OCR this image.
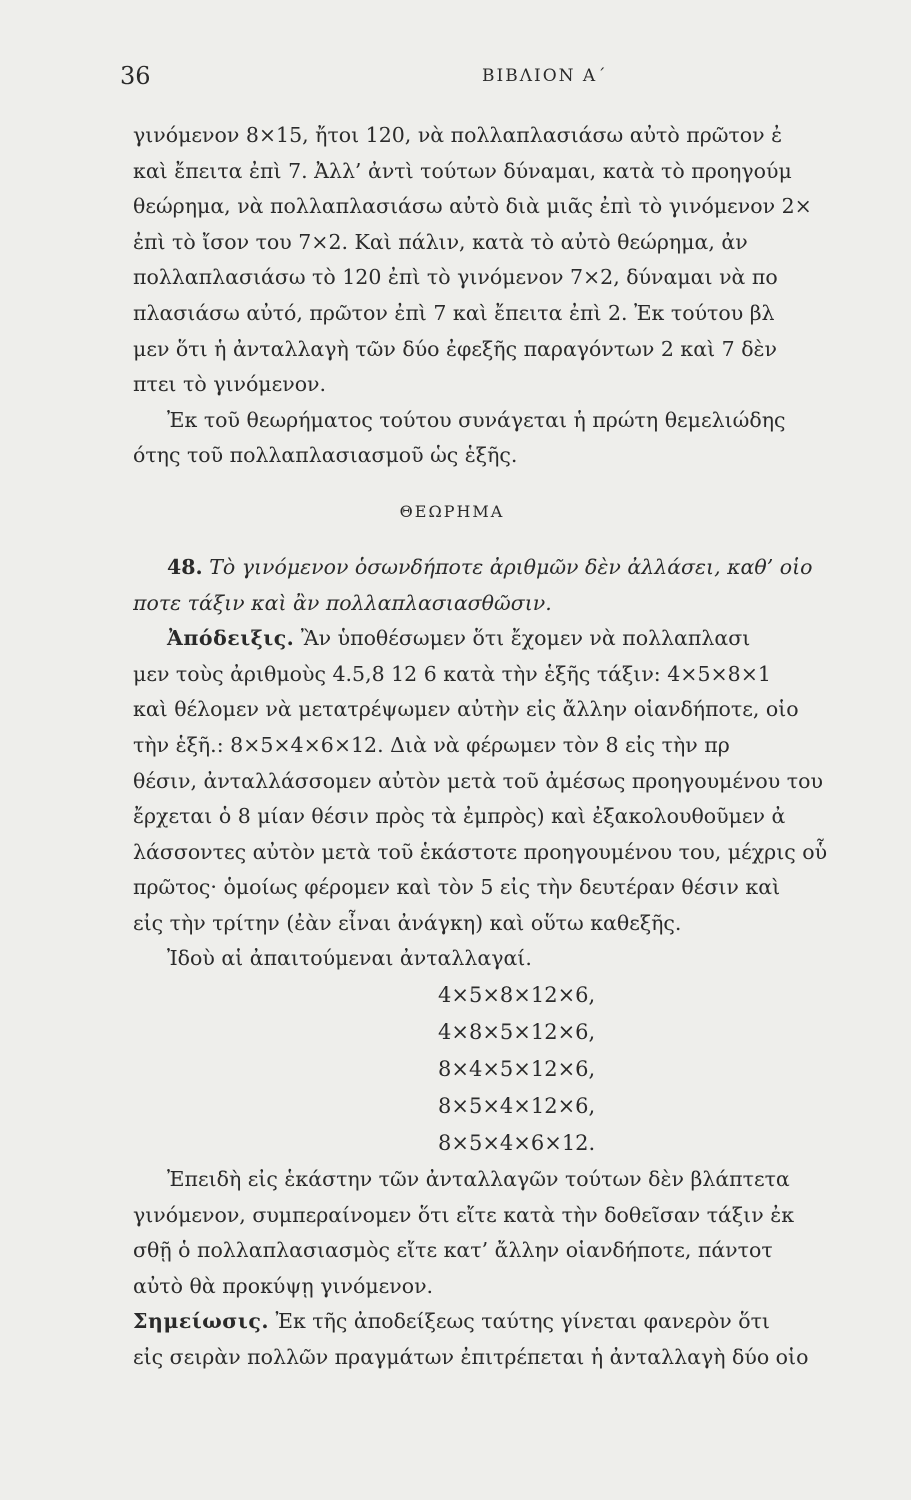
36	ΒΙΒΛΙΟΝ Α΄
γινόμενον 8×15, ἤτοι 120, νὰ πολλαπλασιάσω αὐτὸ πρῶτον ἐ
καὶ ἔπειτα ἐπὶ 7. Ἀλλ’ ἀντὶ τούτων δύναμαι, κατὰ τὸ προηγούμ
θεώρημα, νὰ πολλαπλασιάσω αὐτὸ διὰ μιᾶς ἐπὶ τὸ γινόμενον 2×
ἐπὶ τὸ ἴσον του 7×2. Καὶ πάλιν, κατὰ τὸ αὐτὸ θεώρημα, ἀν
πολλαπλασιάσω τὸ 120 ἐπὶ τὸ γινόμενον 7×2, δύναμαι νὰ πο
πλασιάσω αὐτό, πρῶτον ἐπὶ 7 καὶ ἔπειτα ἐπὶ 2. Ἐκ τούτου βλ
μεν ὅτι ἡ ἀνταλλαγὴ τῶν δύο ἐφεξῆς παραγόντων 2 καὶ 7 δὲν
πτει τὸ γινόμενον.
Ἐκ τοῦ θεωρήματος τούτου συνάγεται ἡ πρώτη θεμελιώδης
ότης τοῦ πολλαπλασιασμοῦ ὡς ἑξῆς.
ΘΕΩΡΗΜΑ
48. Τὸ γινόμενον ὁσωνδήποτε ἀριθμῶν δὲν ἀλλάσει, καθ’ οἱο
ποτε τάξιν καὶ ἂν πολλαπλασιασθῶσιν.
Ἀπόδειξις. Ἂν ὑποθέσωμεν ὅτι ἔχομεν νὰ πολλαπλασι
μεν τοὺς ἀριθμοὺς 4.5,8 12 6 κατὰ τὴν ἑξῆς τάξιν: 4×5×8×1
καὶ θέλομεν νὰ μετατρέψωμεν αὐτὴν εἰς ἄλλην οἱανδήποτε, οἱο
τὴν ἑξῆ.: 8×5×4×6×12. Διὰ νὰ φέρωμεν τὸν 8 εἰς τὴν πρ
θέσιν, ἀνταλλάσσομεν αὐτὸν μετὰ τοῦ ἀμέσως προηγουμένου του
ἔρχεται ὁ 8 μίαν θέσιν πρὸς τὰ ἐμπρὸς) καὶ ἐξακολουθοῦμεν ἀ
λάσσοντες αὐτὸν μετὰ τοῦ ἑκάστοτε προηγουμένου του, μέχρις οὗ
πρῶτος· ὁμοίως φέρομεν καὶ τὸν 5 εἰς τὴν δευτέραν θέσιν καὶ
εἰς τὴν τρίτην (ἐὰν εἶναι ἀνάγκη) καὶ οὕτω καθεξῆς.
Ἰδοὺ αἱ ἀπαιτούμεναι ἀνταλλαγαί.
4×5×8×12×6,
4×8×5×12×6,
8×4×5×12×6,
8×5×4×12×6,
8×5×4×6×12.
Ἐπειδὴ εἰς ἑκάστην τῶν ἀνταλλαγῶν τούτων δὲν βλάπτετα
γινόμενον, συμπεραίνομεν ὅτι εἴτε κατὰ τὴν δοθεῖσαν τάξιν ἐκ
σθῇ ὁ πολλαπλασιασμὸς εἴτε κατ’ ἄλλην οἱανδήποτε, πάντοτ
αὐτὸ θὰ προκύψῃ γινόμενον.
Σημείωσις. Ἐκ τῆς ἀποδείξεως ταύτης γίνεται φανερὸν ὅτι
εἰς σειρὰν πολλῶν πραγμάτων ἐπιτρέπεται ἡ ἀνταλλαγὴ δύο οἱο
